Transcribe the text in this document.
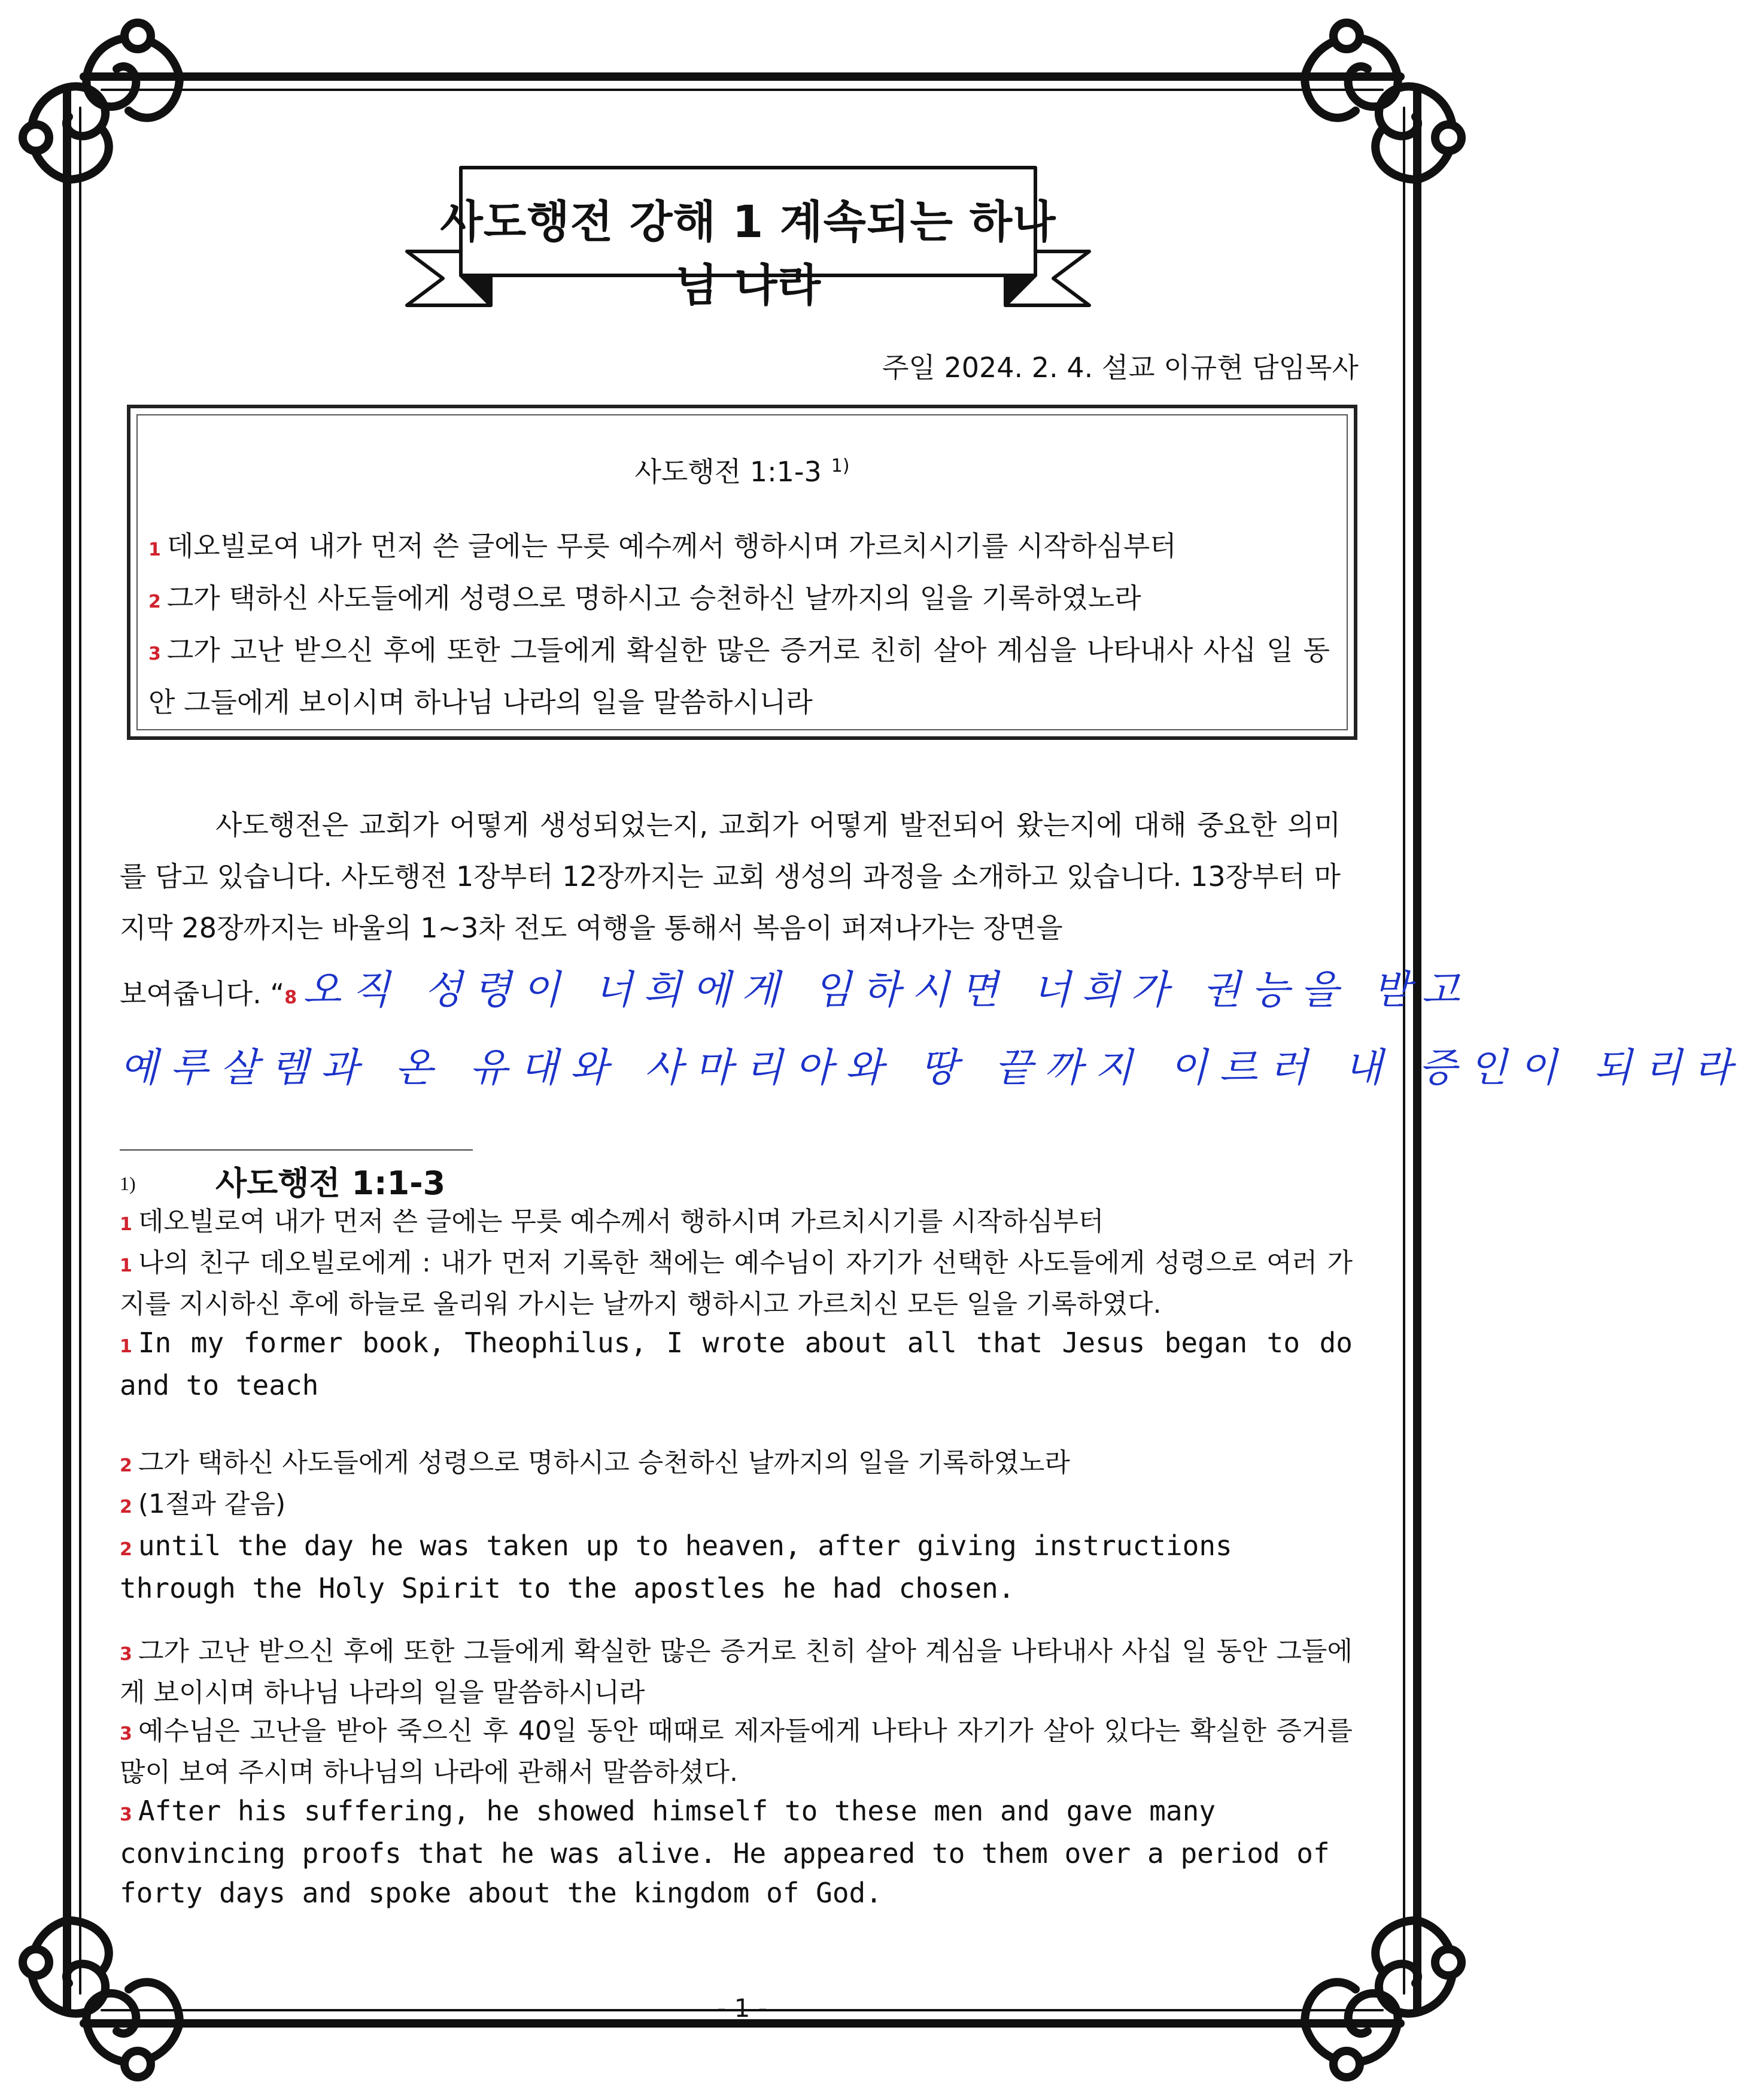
사도행전 강해 1 계속되는 하나님 나라
주일 2024. 2. 4. 설교 이규현 담임목사
사도행전 1:1-3 $^{1)}$
1 데오빌로여 내가 먼저 쓴 글에는 무릇 예수께서 행하시며 가르치시기를 시작하심부터
2 그가 택하신 사도들에게 성령으로 명하시고 승천하신 날까지의 일을 기록하였노라
3 그가 고난 받으신 후에 또한 그들에게 확실한 많은 증거로 친히 살아 계심을 나타내사 사십 일 동안 그들에게 보이시며 하나님 나라의 일을 말씀하시니라
사도행전은 교회가 어떻게 생성되었는지, 교회가 어떻게 발전되어 왔는지에 대해 중요한 의미를 담고 있습니다. 사도행전 1장부터 12장까지는 교회 생성의 과정을 소개하고 있습니다. 13장부터 마지막 28장까지는 바울의 1~3차 전도 여행을 통해서 복음이 퍼져나가는 장면을
보여줍니다. “8 오직 성령이 너희에게 임하시면 너희가 권능을 받고
예루살렘과 온 유대와 사마리아와 땅 끝까지 이르러 내 증인이 되리라
1)	사도행전 1:1-3
1 데오빌로여 내가 먼저 쓴 글에는 무릇 예수께서 행하시며 가르치시기를 시작하심부터
1 나의 친구 데오빌로에게 : 내가 먼저 기록한 책에는 예수님이 자기가 선택한 사도들에게 성령으로 여러 가지를 지시하신 후에 하늘로 올리워 가시는 날까지 행하시고 가르치신 모든 일을 기록하였다.
1 In my former book, Theophilus, I wrote about all that Jesus began to do and to teach
2 그가 택하신 사도들에게 성령으로 명하시고 승천하신 날까지의 일을 기록하였노라
2 (1절과 같음)
2 until the day he was taken up to heaven, after giving instructions through the Holy Spirit to the apostles he had chosen.
3 그가 고난 받으신 후에 또한 그들에게 확실한 많은 증거로 친히 살아 계심을 나타내사 사십 일 동안 그들에게 보이시며 하나님 나라의 일을 말씀하시니라
3 예수님은 고난을 받아 죽으신 후 40일 동안 때때로 제자들에게 나타나 자기가 살아 있다는 확실한 증거를 많이 보여 주시며 하나님의 나라에 관해서 말씀하셨다.
3 After his suffering, he showed himself to these men and gave many convincing proofs that he was alive. He appeared to them over a period of forty days and spoke about the kingdom of God.
- 1 -
